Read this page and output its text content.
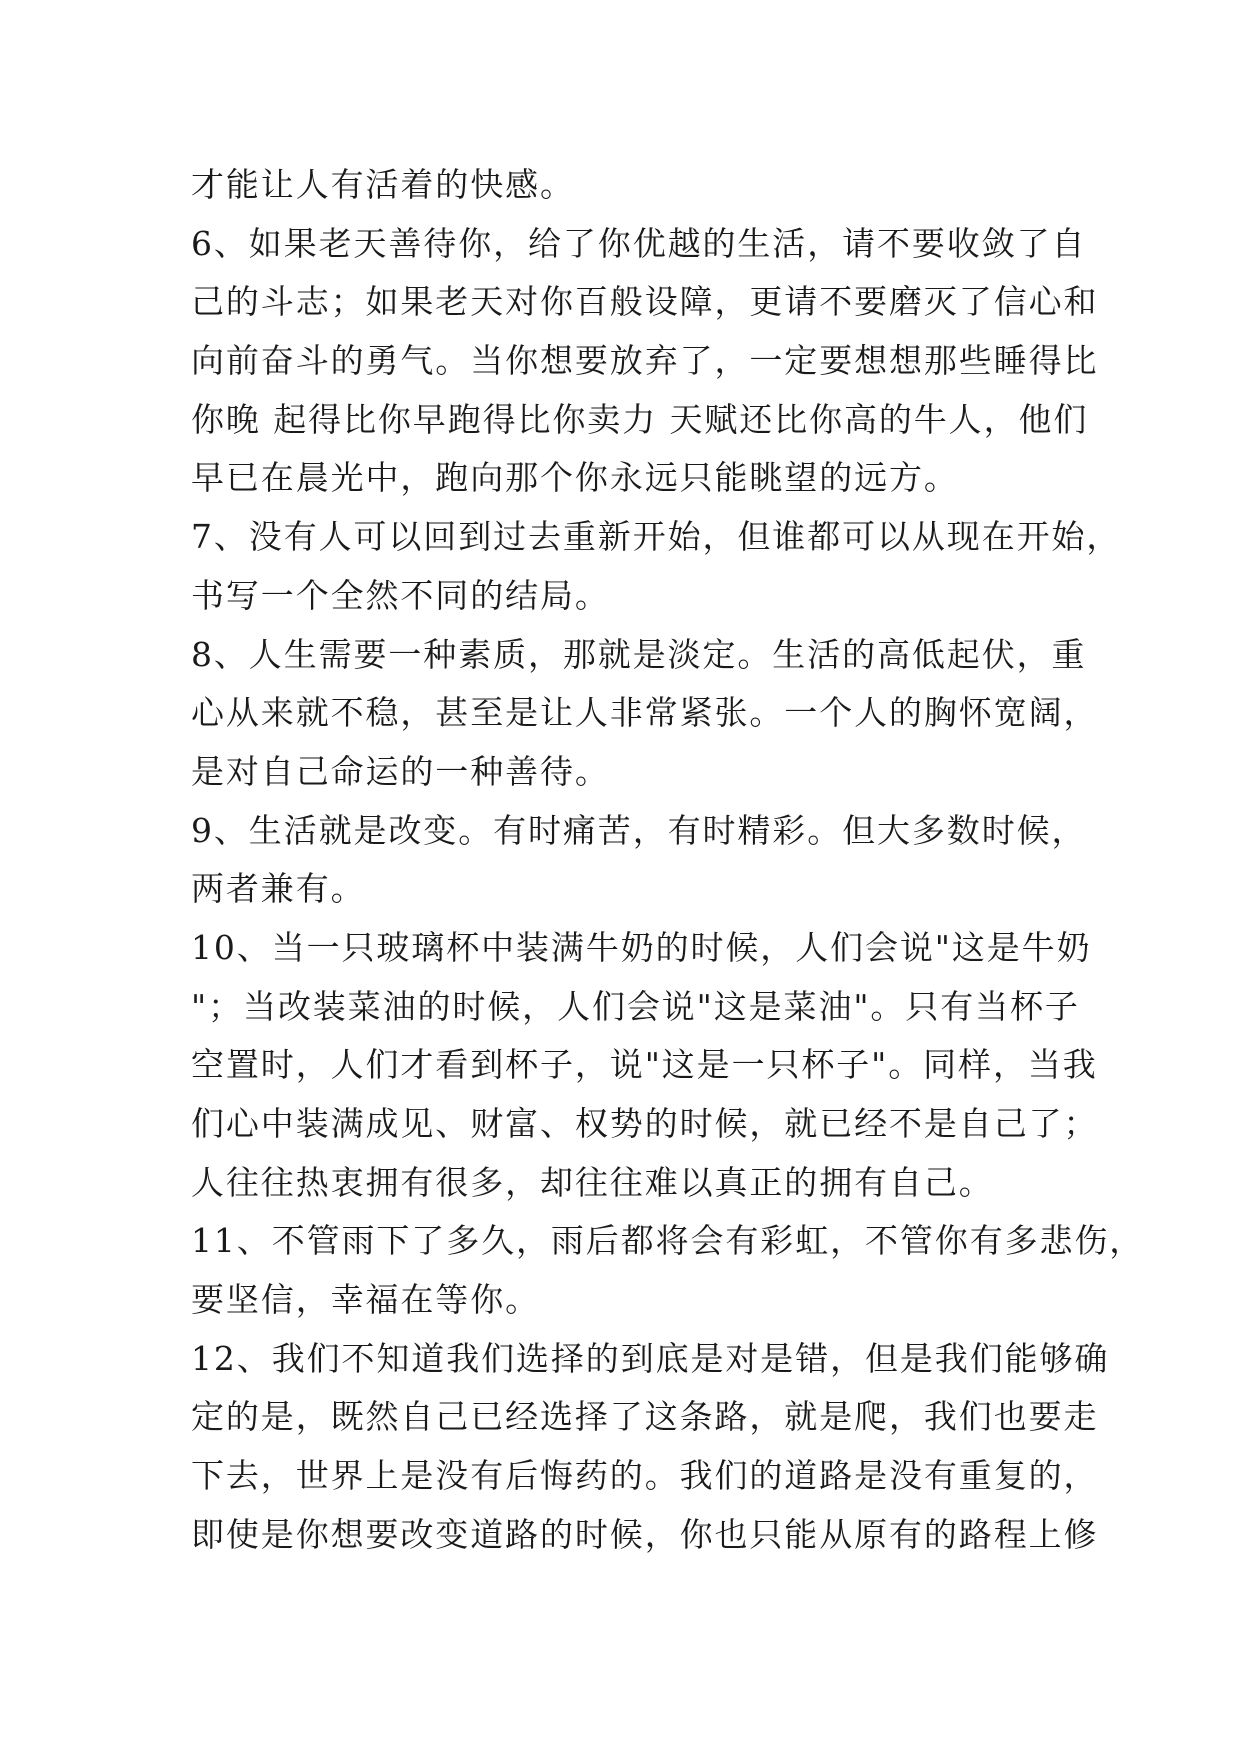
才能让人有活着的快感。
6、如果老天善待你，给了你优越的生活，请不要收敛了自
己的斗志；如果老天对你百般设障，更请不要磨灭了信心和
向前奋斗的勇气。当你想要放弃了，一定要想想那些睡得比
你晚 起得比你早跑得比你卖力 天赋还比你高的牛人，他们
早已在晨光中，跑向那个你永远只能眺望的远方。
7、没有人可以回到过去重新开始，但谁都可以从现在开始，
书写一个全然不同的结局。
8、人生需要一种素质，那就是淡定。生活的高低起伏，重
心从来就不稳，甚至是让人非常紧张。一个人的胸怀宽阔，
是对自己命运的一种善待。
9、生活就是改变。有时痛苦，有时精彩。但大多数时候，
两者兼有。
10、当一只玻璃杯中装满牛奶的时候，人们会说"这是牛奶
"；当改装菜油的时候，人们会说"这是菜油"。只有当杯子
空置时，人们才看到杯子，说"这是一只杯子"。同样，当我
们心中装满成见、财富、权势的时候，就已经不是自己了；
人往往热衷拥有很多，却往往难以真正的拥有自己。
11、不管雨下了多久，雨后都将会有彩虹，不管你有多悲伤，
要坚信，幸福在等你。
12、我们不知道我们选择的到底是对是错，但是我们能够确
定的是，既然自己已经选择了这条路，就是爬，我们也要走
下去，世界上是没有后悔药的。我们的道路是没有重复的，
即使是你想要改变道路的时候，你也只能从原有的路程上修
